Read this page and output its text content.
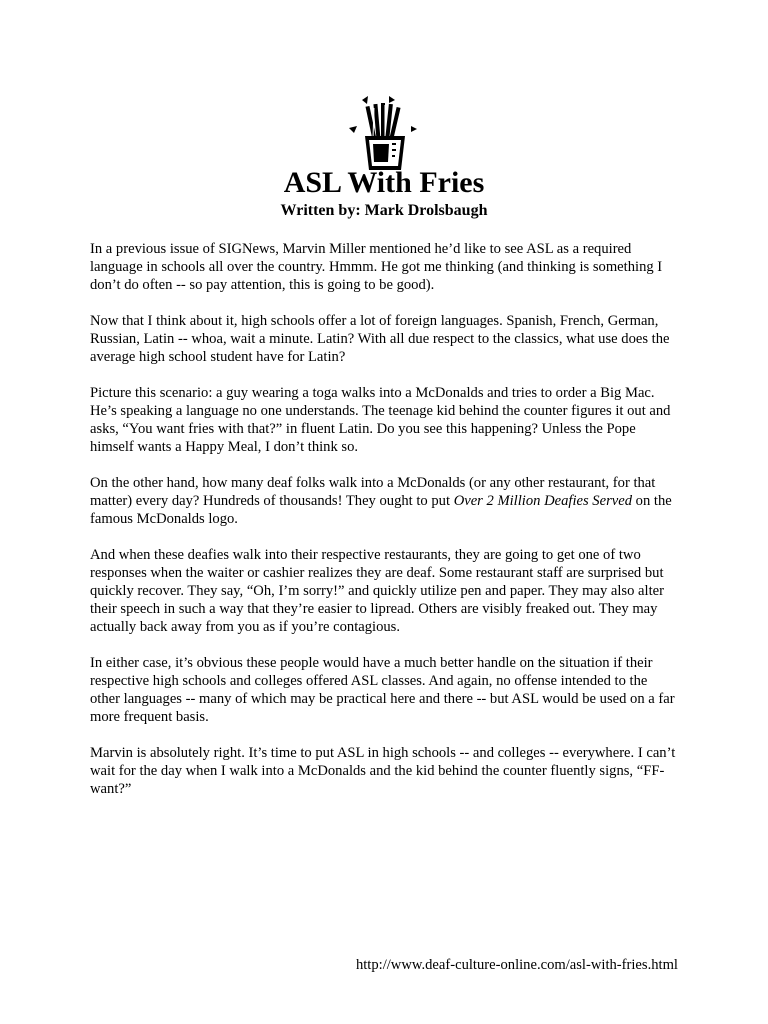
ASL With Fries
Written by: Mark Drolsbaugh

In a previous issue of SIGNews, Marvin Miller mentioned he’d like to see ASL as a required language in schools all over the country. Hmmm. He got me thinking (and thinking is something I don’t do often -- so pay attention, this is going to be good).

Now that I think about it, high schools offer a lot of foreign languages. Spanish, French, German, Russian, Latin -- whoa, wait a minute. Latin? With all due respect to the classics, what use does the average high school student have for Latin?

Picture this scenario: a guy wearing a toga walks into a McDonalds and tries to order a Big Mac. He’s speaking a language no one understands. The teenage kid behind the counter figures it out and asks, “You want fries with that?” in fluent Latin. Do you see this happening? Unless the Pope himself wants a Happy Meal, I don’t think so.

On the other hand, how many deaf folks walk into a McDonalds (or any other restaurant, for that matter) every day? Hundreds of thousands! They ought to put Over 2 Million Deafies Served on the famous McDonalds logo.

And when these deafies walk into their respective restaurants, they are going to get one of two responses when the waiter or cashier realizes they are deaf. Some restaurant staff are surprised but quickly recover. They say, “Oh, I’m sorry!” and quickly utilize pen and paper. They may also alter their speech in such a way that they’re easier to lipread. Others are visibly freaked out. They may actually back away from you as if you’re contagious.

In either case, it’s obvious these people would have a much better handle on the situation if their respective high schools and colleges offered ASL classes. And again, no offense intended to the other languages -- many of which may be practical here and there -- but ASL would be used on a far more frequent basis.

Marvin is absolutely right. It’s time to put ASL in high schools -- and colleges -- everywhere. I can’t wait for the day when I walk into a McDonalds and the kid behind the counter fluently signs, “FF-want?”

http://www.deaf-culture-online.com/asl-with-fries.html
